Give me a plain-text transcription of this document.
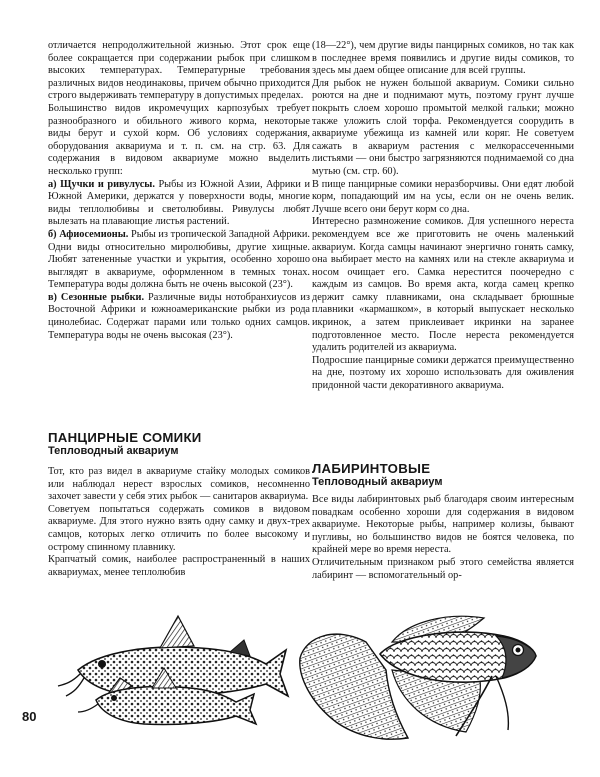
отличается непродолжительной жизнью. Этот срок еще более сокращается при содержании рыбок при слишком высоких температурах. Температурные требования различных видов неодинаковы, причем обычно приходится строго выдерживать температуру в допустимых пределах.

Большинство видов икромечущих карпозубых требует разнообразного и обильного живого корма, некоторые виды берут и сухой корм. Об условиях содержания, оборудования аквариума и т. п. см. на стр. 63. Для содержания в видовом аквариуме можно выделить несколько групп:

а) Щучки и ривулусы. Рыбы из Южной Азии, Африки и Южной Америки, держатся у поверхности воды, многие виды теплолюбивы и светолюбивы. Ривулусы любят вылезать на плавающие листья растений.

б) Афиосемионы. Рыбы из тропической Западной Африки. Одни виды относительно миролюбивы, другие хищные. Любят затененные участки и укрытия, особенно хорошо выглядят в аквариуме, оформленном в темных тонах. Температура воды должна быть не очень высокой (23°).

в) Сезонные рыбки. Различные виды нотобранхиусов из Восточной Африки и южноамериканские рыбки из рода цинолебиас. Содержат парами или только одних самцов. Температура воды не очень высокая (23°).

ПАНЦИРНЫЕ СОМИКИ
Тепловодный аквариум

Тот, кто раз видел в аквариуме стайку молодых сомиков или наблюдал нерест взрослых сомиков, несомненно захочет завести у себя этих рыбок — санитаров аквариума.

Советуем попытаться содержать сомиков в видовом аквариуме. Для этого нужно взять одну самку и двух-трех самцов, которых легко отличить по более высокому и острому спинному плавнику.

Крапчатый сомик, наиболее распространенный в наших аквариумах, менее теплолюбив

(18—22°), чем другие виды панцирных сомиков, но так как в последнее время появились и другие виды сомиков, то здесь мы даем общее описание для всей группы.

Для рыбок не нужен большой аквариум. Сомики сильно роются на дне и поднимают муть, поэтому грунт лучше покрыть слоем хорошо промытой мелкой гальки; можно также уложить слой торфа. Рекомендуется соорудить в аквариуме убежища из камней или коряг. Не советуем сажать в аквариум растения с мелкорассеченными листьями — они быстро загрязняются поднимаемой со дна мутью (см. стр. 60).

В пище панцирные сомики неразборчивы. Они едят любой корм, попадающий им на усы, если он не очень велик. Лучше всего они берут корм со дна.

Интересно размножение сомиков. Для успешного нереста рекомендуем все же приготовить не очень маленький аквариум. Когда самцы начинают энергично гонять самку, она выбирает место на камнях или на стекле аквариума и носом очищает его. Самка нерестится поочередно с каждым из самцов. Во время акта, когда самец крепко держит самку плавниками, она складывает брюшные плавники «кармашком», в который выпускает несколько икринок, а затем приклеивает икринки на заранее подготовленное место. После нереста рекомендуется удалить родителей из аквариума.

Подросшие панцирные сомики держатся преимущественно на дне, поэтому их хорошо использовать для оживления придонной части декоративного аквариума.

ЛАБИРИНТОВЫЕ
Тепловодный аквариум

Все виды лабиринтовых рыб благодаря своим интересным повадкам особенно хороши для содержания в видовом аквариуме. Некоторые рыбы, например колизы, бывают пугливы, но большинство видов не боятся человека, по крайней мере во время нереста.

Отличительным признаком рыб этого семейства является лабиринт — вспомогательный ор-

80
